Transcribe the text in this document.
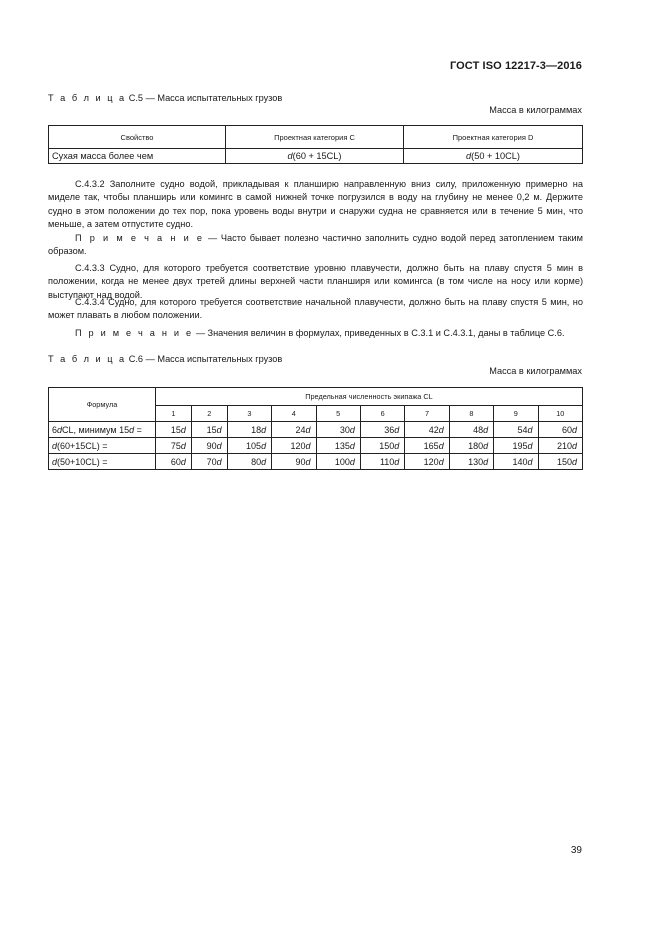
ГОСТ ISO 12217-3—2016
Т а б л и ц а С.5 — Масса испытательных грузов
Масса в килограммах
Свойство	Проектная категория С	Проектная категория D
Сухая масса более чем	d(60 + 15CL)	d(50 + 10CL)
С.4.3.2 Заполните судно водой, прикладывая к планширю направленную вниз силу, приложенную примерно на миделе так, чтобы планширь или комингс в самой нижней точке погрузился в воду на глубину не менее 0,2 м. Держите судно в этом положении до тех пор, пока уровень воды внутри и снаружи судна не сравняется или в течение 5 мин, что меньше, а затем отпустите судно.
П р и м е ч а н и е — Часто бывает полезно частично заполнить судно водой перед затоплением таким образом.
С.4.3.3 Судно, для которого требуется соответствие уровню плавучести, должно быть на плаву спустя 5 мин в положении, когда не менее двух третей длины верхней части планширя или комингса (в том числе на носу или корме) выступают над водой.
С.4.3.4 Судно, для которого требуется соответствие начальной плавучести, должно быть на плаву спустя 5 мин, но может плавать в любом положении.
П р и м е ч а н и е — Значения величин в формулах, приведенных в С.3.1 и С.4.3.1, даны в таблице С.6.
Т а б л и ц а С.6 — Масса испытательных грузов
Масса в килограммах
Формула	Предельная численность экипажа CL									
	1	2	3	4	5	6	7	8	9	10
6dCL, минимум 15d =	15d	15d	18d	24d	30d	36d	42d	48d	54d	60d
d(60+15CL) =	75d	90d	105d	120d	135d	150d	165d	180d	195d	210d
d(50+10CL) =	60d	70d	80d	90d	100d	110d	120d	130d	140d	150d
39
